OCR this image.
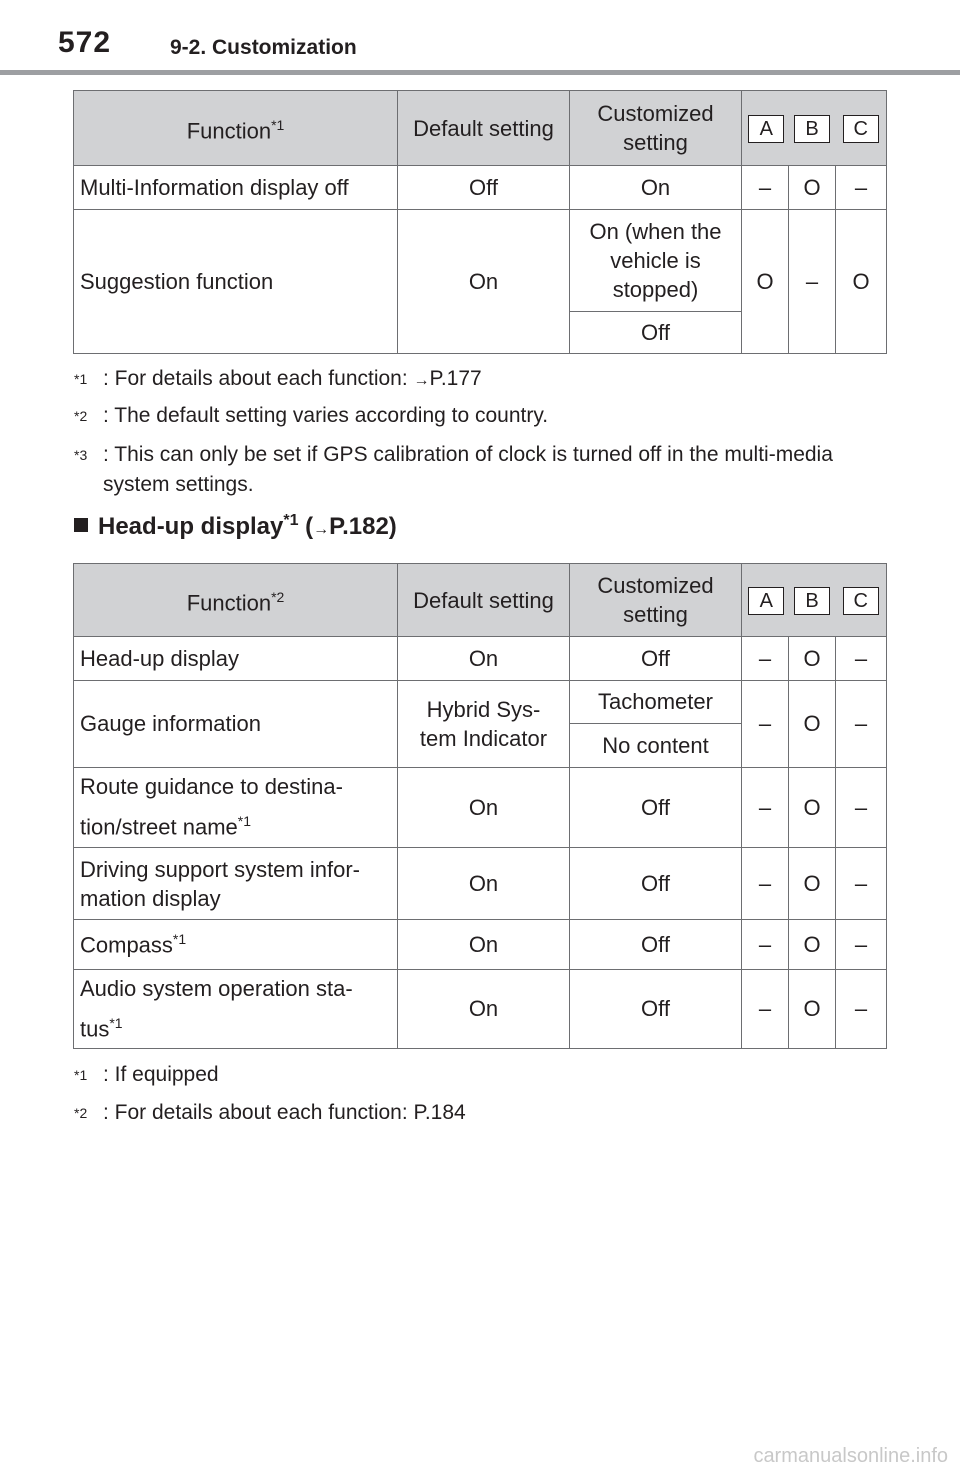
572	9-2. Customization
Function$^{*1}$	Default setting	Customized
setting	A	B	C
Multi-Information display off	Off	On	–	O	–
Suggestion function	On	On (when the
vehicle is
stopped)	O	–	O
		Off			
*1 : For details about each function: →P.177
*2 : The default setting varies according to country.
*3 : This can only be set if GPS calibration of clock is turned off in the multi-media system settings.
Head-up display$^{*1}$ (→P.182)
Function$^{*2}$	Default setting	Customized
setting	A	B	C
Head-up display	On	Off	–	O	–
Gauge information	Hybrid Sys-
tem Indicator	Tachometer	–	O	–
		No content			
Route guidance to destina-
tion/street name$^{*1}$	On	Off	–	O	–
Driving support system infor-
mation display	On	Off	–	O	–
Compass$^{*1}$	On	Off	–	O	–
Audio system operation sta-
tus$^{*1}$	On	Off	–	O	–
*1 : If equipped
*2 : For details about each function: P.184
carmanualsonline.info
